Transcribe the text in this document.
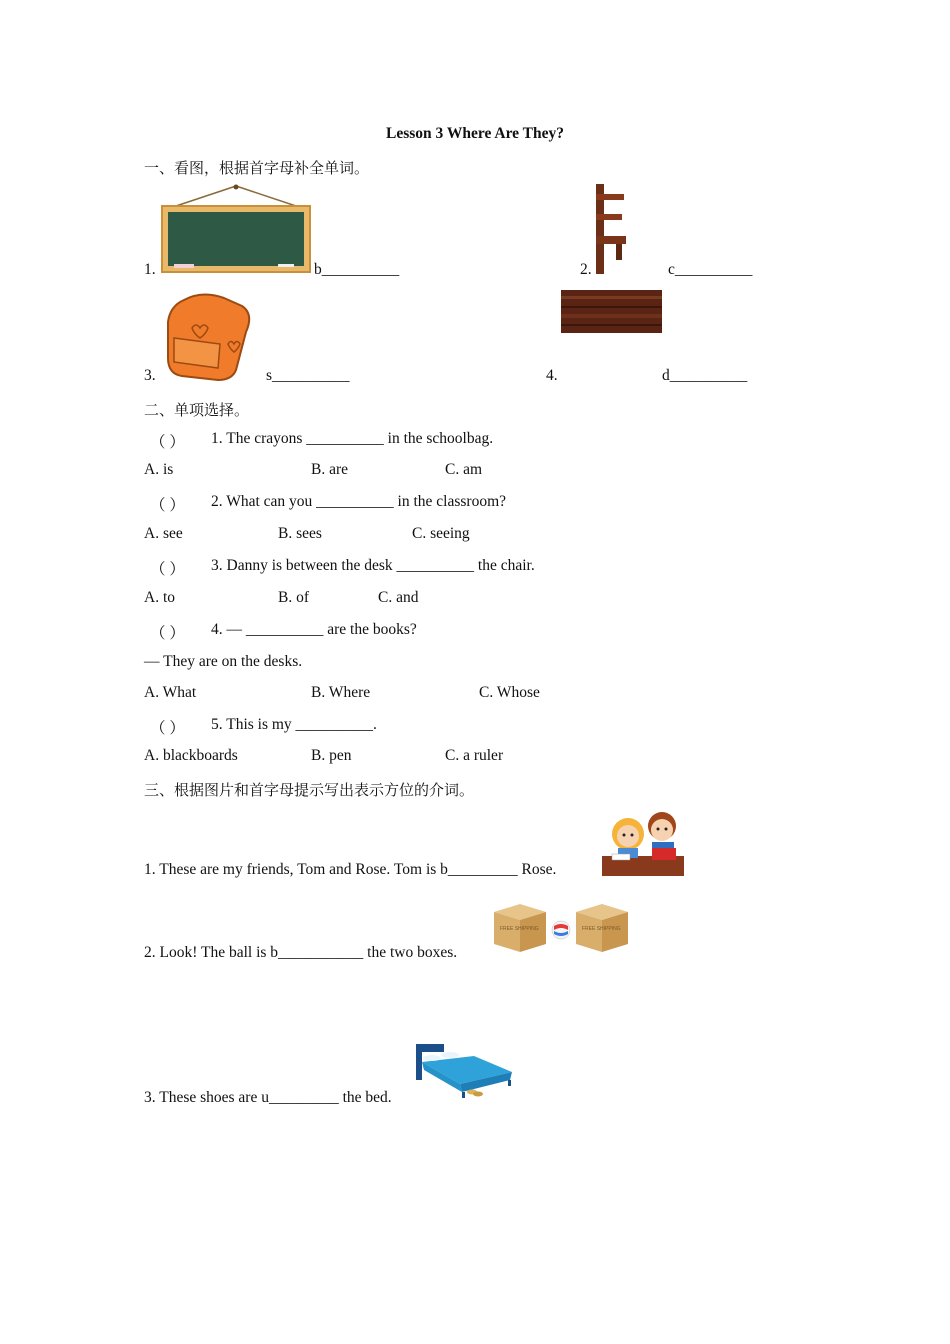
Lesson 3 Where Are They?
一、看图，根据首字母补全单词。
1.	b__________	2.	c__________
3.	s__________	4.	d__________
二、单项选择。
（ ） 1. The crayons __________ in the schoolbag.
A. is	B. are	C. am
（ ） 2. What can you __________ in the classroom?
A. see	B. sees	C. seeing
（ ） 3. Danny is between the desk __________ the chair.
A. to	B. of	C. and
（ ） 4. — __________ are the books?
— They are on the desks.
A. What	B. Where	C. Whose
（ ） 5. This is my __________.
A. blackboards	B. pen	C. a ruler
三、根据图片和首字母提示写出表示方位的介词。
1. These are my friends, Tom and Rose. Tom is b_________ Rose.
2. Look! The ball is b___________ the two boxes.
FREE SHIPPING	FREE SHIPPING
3. These shoes are u_________ the bed.
